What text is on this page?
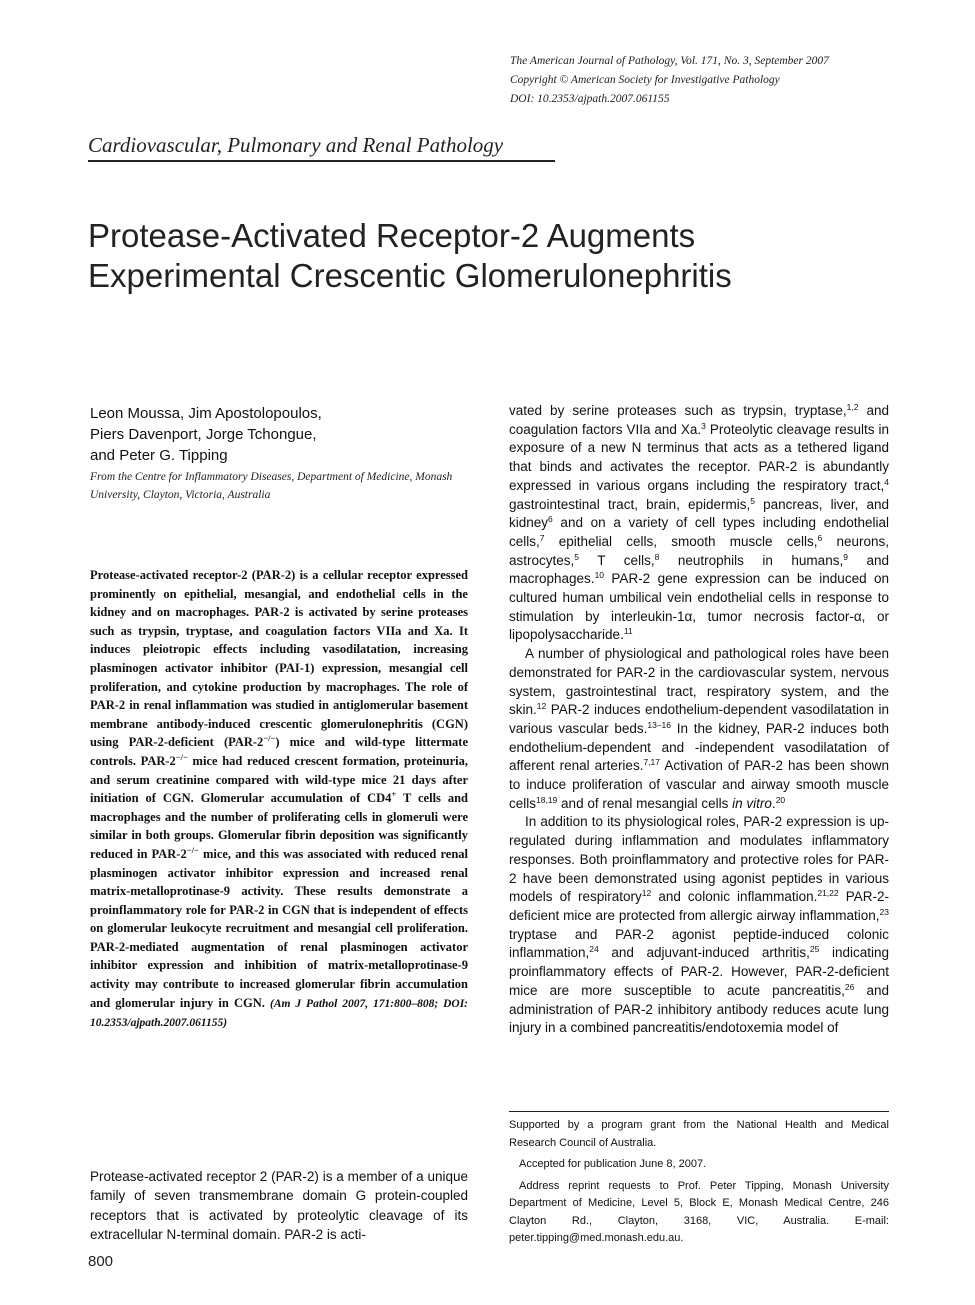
The American Journal of Pathology, Vol. 171, No. 3, September 2007
Copyright © American Society for Investigative Pathology
DOI: 10.2353/ajpath.2007.061155
Cardiovascular, Pulmonary and Renal Pathology
Protease-Activated Receptor-2 Augments
Experimental Crescentic Glomerulonephritis
Leon Moussa, Jim Apostolopoulos,
Piers Davenport, Jorge Tchongue,
and Peter G. Tipping
From the Centre for Inflammatory Diseases, Department of Medicine, Monash University, Clayton, Victoria, Australia

Protease-activated receptor-2 (PAR-2) is a cellular receptor expressed prominently on epithelial, mesangial, and endothelial cells in the kidney and on macrophages. PAR-2 is activated by serine proteases such as trypsin, tryptase, and coagulation factors VIIa and Xa. It induces pleiotropic effects including vasodilatation, increasing plasminogen activator inhibitor (PAI-1) expression, mesangial cell proliferation, and cytokine production by macrophages. The role of PAR-2 in renal inflammation was studied in antiglomerular basement membrane antibody-induced crescentic glomerulonephritis (CGN) using PAR-2-deficient (PAR-2−/−) mice and wild-type littermate controls. PAR-2−/− mice had reduced crescent formation, proteinuria, and serum creatinine compared with wild-type mice 21 days after initiation of CGN. Glomerular accumulation of CD4+ T cells and macrophages and the number of proliferating cells in glomeruli were similar in both groups. Glomerular fibrin deposition was significantly reduced in PAR-2−/− mice, and this was associated with reduced renal plasminogen activator inhibitor expression and increased renal matrix-metalloprotinase-9 activity. These results demonstrate a proinflammatory role for PAR-2 in CGN that is independent of effects on glomerular leukocyte recruitment and mesangial cell proliferation. PAR-2-mediated augmentation of renal plasminogen activator inhibitor expression and inhibition of matrix-metalloprotinase-9 activity may contribute to increased glomerular fibrin accumulation and glomerular injury in CGN. (Am J Pathol 2007, 171:800–808; DOI: 10.2353/ajpath.2007.061155)

Protease-activated receptor 2 (PAR-2) is a member of a unique family of seven transmembrane domain G protein-coupled receptors that is activated by proteolytic cleavage of its extracellular N-terminal domain. PAR-2 is acti-

vated by serine proteases such as trypsin, tryptase,$^{1,2}$ and coagulation factors VIIa and Xa.$^3$ Proteolytic cleavage results in exposure of a new N terminus that acts as a tethered ligand that binds and activates the receptor. PAR-2 is abundantly expressed in various organs including the respiratory tract,$^4$ gastrointestinal tract, brain, epidermis,$^5$ pancreas, liver, and kidney$^6$ and on a variety of cell types including endothelial cells,$^7$ epithelial cells, smooth muscle cells,$^6$ neurons, astrocytes,$^5$ T cells,$^8$ neutrophils in humans,$^9$ and macrophages.$^{10}$ PAR-2 gene expression can be induced on cultured human umbilical vein endothelial cells in response to stimulation by interleukin-1α, tumor necrosis factor-α, or lipopolysaccharide.$^{11}$

A number of physiological and pathological roles have been demonstrated for PAR-2 in the cardiovascular system, nervous system, gastrointestinal tract, respiratory system, and the skin.$^{12}$ PAR-2 induces endothelium-dependent vasodilatation in various vascular beds.$^{13-16}$ In the kidney, PAR-2 induces both endothelium-dependent and -independent vasodilatation of afferent renal arteries.$^{7,17}$ Activation of PAR-2 has been shown to induce proliferation of vascular and airway smooth muscle cells$^{18,19}$ and of renal mesangial cells in vitro.$^{20}$

In addition to its physiological roles, PAR-2 expression is up-regulated during inflammation and modulates inflammatory responses. Both proinflammatory and protective roles for PAR-2 have been demonstrated using agonist peptides in various models of respiratory$^{12}$ and colonic inflammation.$^{21,22}$ PAR-2-deficient mice are protected from allergic airway inflammation,$^{23}$ tryptase and PAR-2 agonist peptide-induced colonic inflammation,$^{24}$ and adjuvant-induced arthritis,$^{25}$ indicating proinflammatory effects of PAR-2. However, PAR-2-deficient mice are more susceptible to acute pancreatitis,$^{26}$ and administration of PAR-2 inhibitory antibody reduces acute lung injury in a combined pancreatitis/endotoxemia model of

Supported by a program grant from the National Health and Medical Research Council of Australia.

Accepted for publication June 8, 2007.

Address reprint requests to Prof. Peter Tipping, Monash University Department of Medicine, Level 5, Block E, Monash Medical Centre, 246 Clayton Rd., Clayton, 3168, VIC, Australia. E-mail: peter.tipping@med.monash.edu.au.

800
